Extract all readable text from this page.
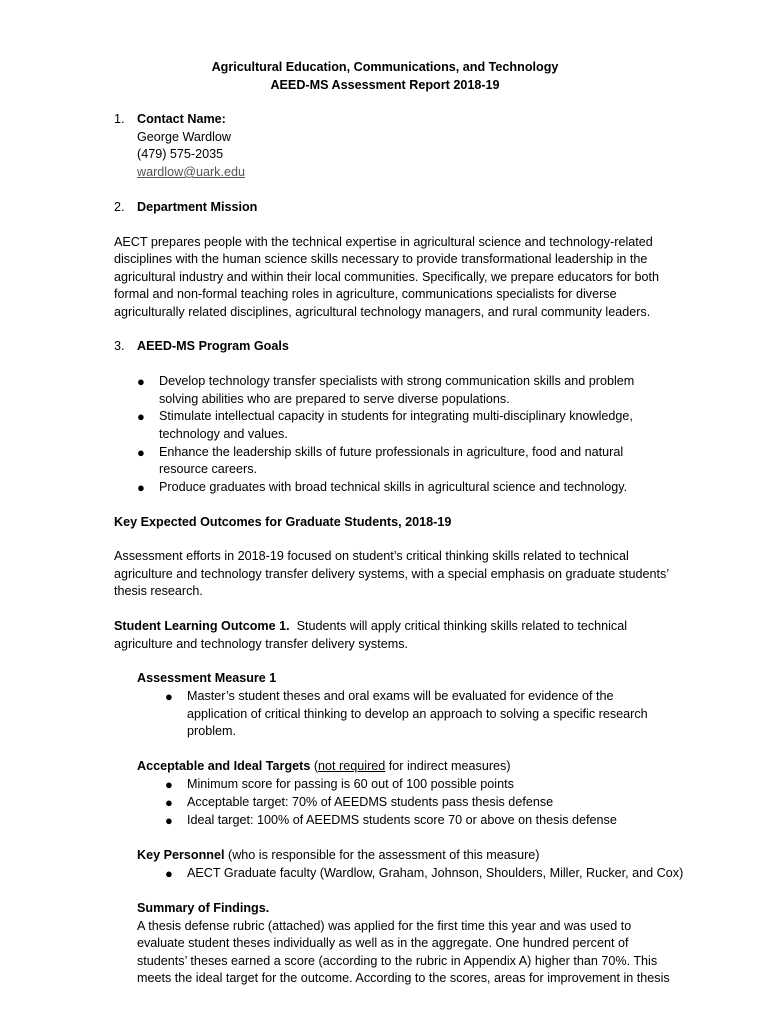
Agricultural Education, Communications, and Technology
AEED-MS Assessment Report 2018-19
1. Contact Name:
George Wardlow
(479) 575-2035
wardlow@uark.edu
2. Department Mission
AECT prepares people with the technical expertise in agricultural science and technology-related
disciplines with the human science skills necessary to provide transformational leadership in the
agricultural industry and within their local communities. Specifically, we prepare educators for both
formal and non-formal teaching roles in agriculture, communications specialists for diverse
agriculturally related disciplines, agricultural technology managers, and rural community leaders.
3. AEED-MS Program Goals
● Develop technology transfer specialists with strong communication skills and problem
solving abilities who are prepared to serve diverse populations.
● Stimulate intellectual capacity in students for integrating multi-disciplinary knowledge,
technology and values.
● Enhance the leadership skills of future professionals in agriculture, food and natural
resource careers.
● Produce graduates with broad technical skills in agricultural science and technology.
Key Expected Outcomes for Graduate Students, 2018-19
Assessment efforts in 2018-19 focused on student’s critical thinking skills related to technical
agriculture and technology transfer delivery systems, with a special emphasis on graduate students’
thesis research.
Student Learning Outcome 1.  Students will apply critical thinking skills related to technical
agriculture and technology transfer delivery systems.
Assessment Measure 1
● Master’s student theses and oral exams will be evaluated for evidence of the
application of critical thinking to develop an approach to solving a specific research
problem.
Acceptable and Ideal Targets (not required for indirect measures)
● Minimum score for passing is 60 out of 100 possible points
● Acceptable target: 70% of AEEDMS students pass thesis defense
● Ideal target: 100% of AEEDMS students score 70 or above on thesis defense
Key Personnel (who is responsible for the assessment of this measure)
● AECT Graduate faculty (Wardlow, Graham, Johnson, Shoulders, Miller, Rucker, and Cox)
Summary of Findings.
A thesis defense rubric (attached) was applied for the first time this year and was used to
evaluate student theses individually as well as in the aggregate. One hundred percent of
students’ theses earned a score (according to the rubric in Appendix A) higher than 70%. This
meets the ideal target for the outcome. According to the scores, areas for improvement in thesis
